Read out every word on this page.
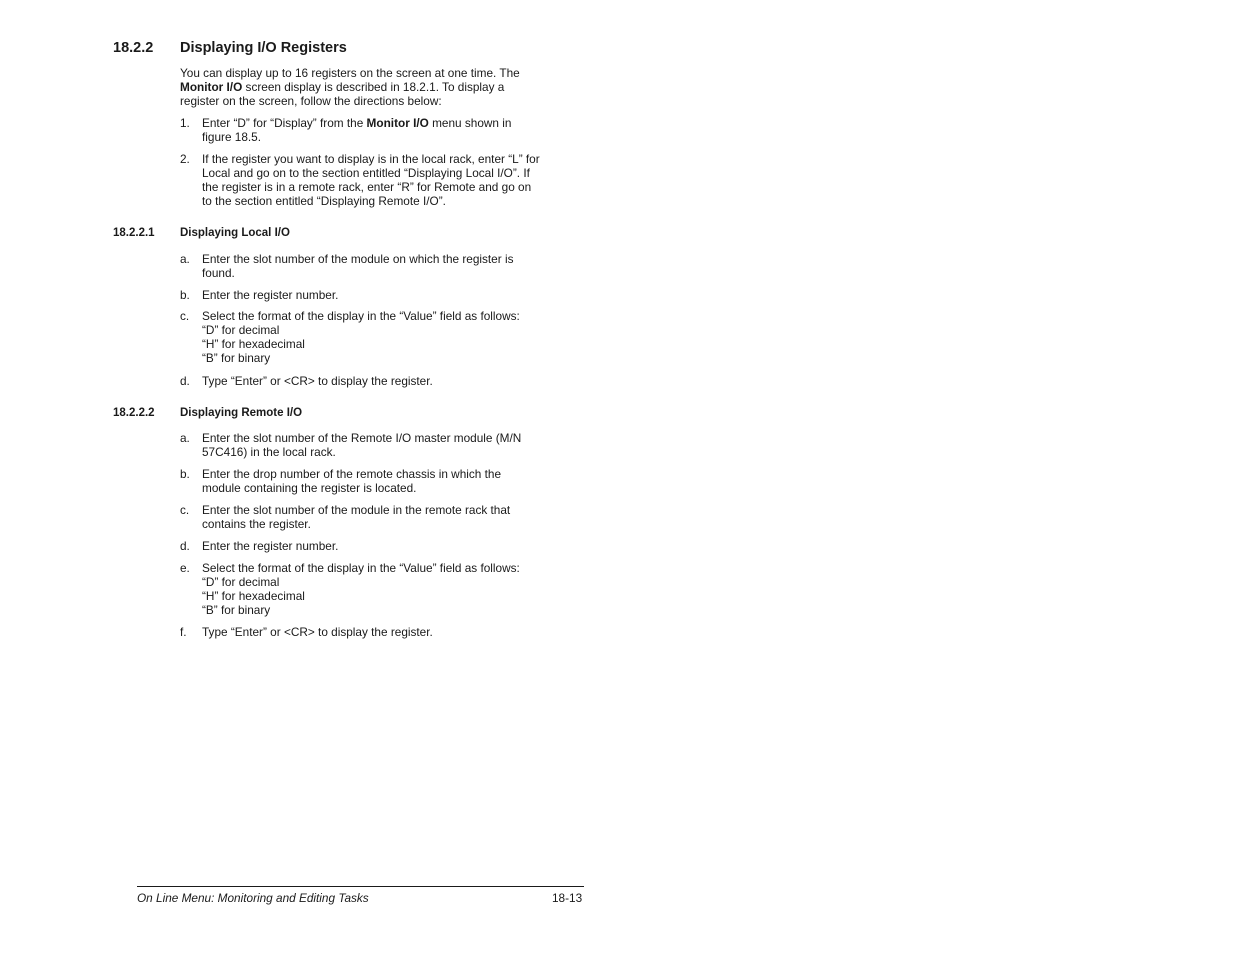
18.2.2 Displaying I/O Registers
You can display up to 16 registers on the screen at one time. The
Monitor I/O screen display is described in 18.2.1. To display a
register on the screen, follow the directions below:
1. Enter “D” for “Display” from the Monitor I/O menu shown in
figure 18.5.
2. If the register you want to display is in the local rack, enter “L” for
Local and go on to the section entitled “Displaying Local I/O”. If
the register is in a remote rack, enter “R” for Remote and go on
to the section entitled “Displaying Remote I/O”.
18.2.2.1 Displaying Local I/O
a. Enter the slot number of the module on which the register is
found.
b. Enter the register number.
c. Select the format of the display in the “Value” field as follows:
“D” for decimal
“H” for hexadecimal
“B” for binary
d. Type “Enter” or <CR> to display the register.
18.2.2.2 Displaying Remote I/O
a. Enter the slot number of the Remote I/O master module (M/N
57C416) in the local rack.
b. Enter the drop number of the remote chassis in which the
module containing the register is located.
c. Enter the slot number of the module in the remote rack that
contains the register.
d. Enter the register number.
e. Select the format of the display in the “Value” field as follows:
“D” for decimal
“H” for hexadecimal
“B” for binary
f. Type “Enter” or <CR> to display the register.
On Line Menu: Monitoring and Editing Tasks	18-13
